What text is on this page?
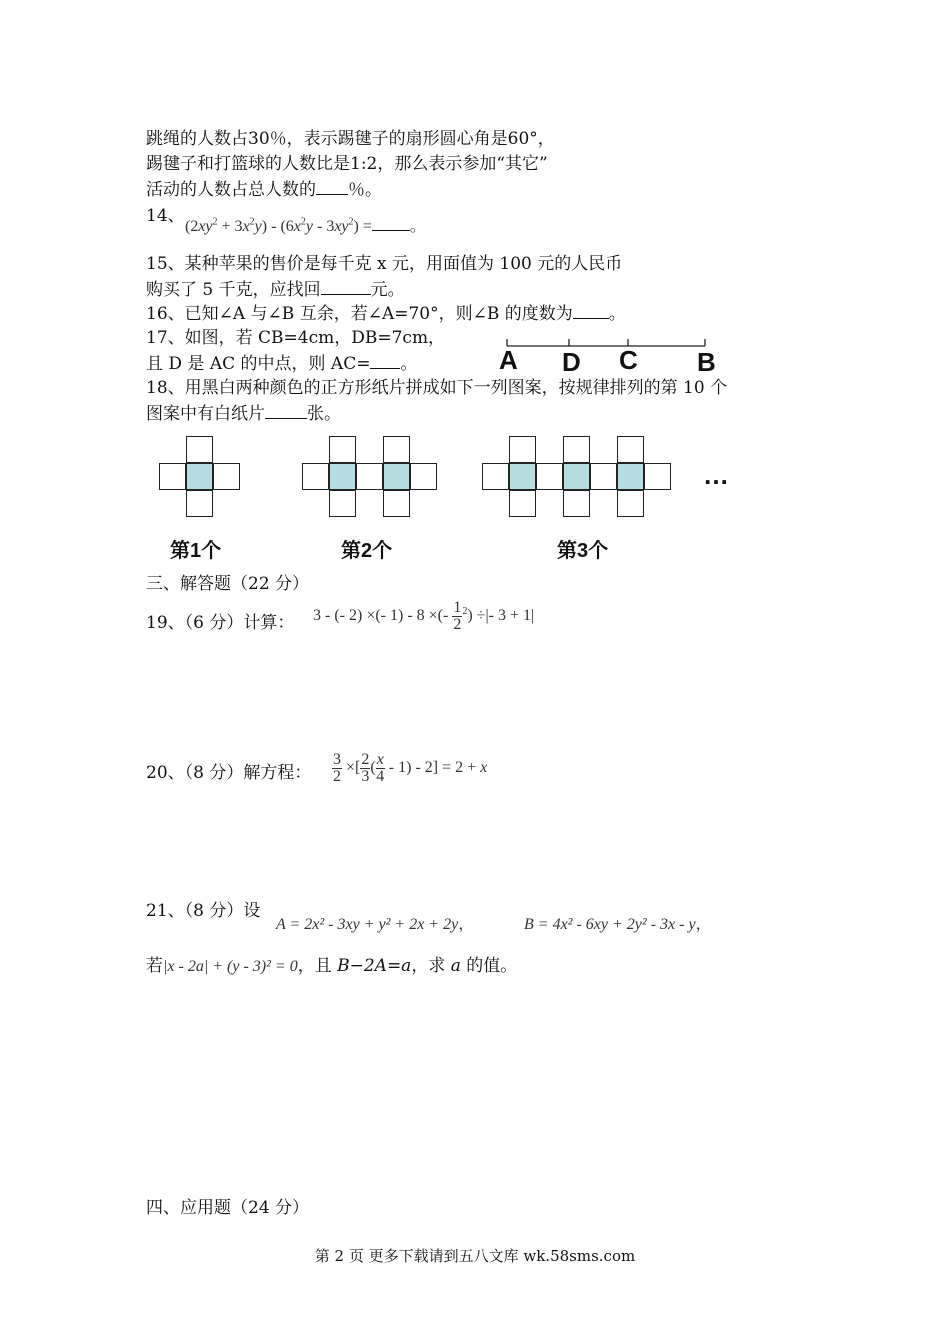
跳绳的人数占30％，表示踢毽子的扇形圆心角是60°，
踢毽子和打篮球的人数比是1:2，那么表示参加“其它”
活动的人数占总人数的 ％。
14、
$(2xy^2 + 3x^2y) - (6x^2y - 3xy^2)$ = 。
15、某种苹果的售价是每千克 x 元，用面值为 100 元的人民币
购买了 5 千克，应找回	元。
16、已知∠A 与∠B 互余，若∠A=70°，则∠B 的度数为 。
17、如图，若 CB=4cm，DB=7cm，
且 D 是 AC 的中点，则 AC= 。	A D C B
18、用黑白两种颜色的正方形纸片拼成如下一列图案，按规律排列的第 10 个
图案中有白纸片 张。
…
第1个	第2个	第3个
三、解答题（22 分）
19、（6 分）计算： 3 - (- 2) ×(- 1) - 8 ×(- $\frac{1}{2} ^2$) ÷|- 3 + 1|
20、（8 分）解方程： $\frac{3}{2}$ ×[ $\frac{2}{3}$ ( $\frac{x}{4} - 1) - 2] = 2 + x$
21、（8 分）设
A = 2x² - 3xy + y² + 2x + 2y，	B = 4x² - 6xy + 2y² - 3x - y，
若|x - 2a| + (y - 3)² = 0，且 B−2A=a，求 a 的值。
四、应用题（24 分）
第 2 页 更多下载请到五八文库 wk.58sms.com
